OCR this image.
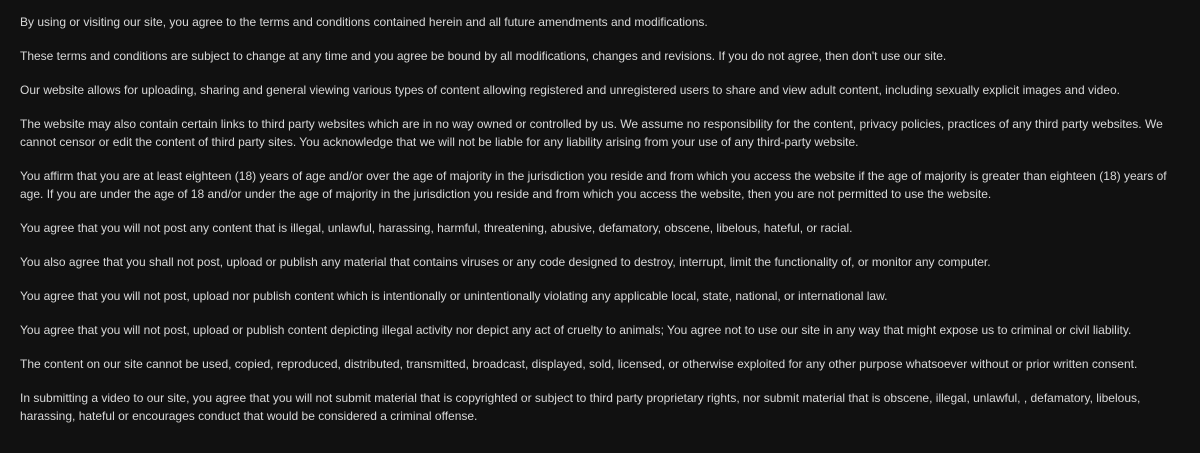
By using or visiting our site, you agree to the terms and conditions contained herein and all future amendments and modifications.

These terms and conditions are subject to change at any time and you agree be bound by all modifications, changes and revisions. If you do not agree, then don't use our site.

Our website allows for uploading, sharing and general viewing various types of content allowing registered and unregistered users to share and view adult content, including sexually explicit images and video.

The website may also contain certain links to third party websites which are in no way owned or controlled by us. We assume no responsibility for the content, privacy policies, practices of any third party websites. We cannot censor or edit the content of third party sites. You acknowledge that we will not be liable for any liability arising from your use of any third-party website.

You affirm that you are at least eighteen (18) years of age and/or over the age of majority in the jurisdiction you reside and from which you access the website if the age of majority is greater than eighteen (18) years of age. If you are under the age of 18 and/or under the age of majority in the jurisdiction you reside and from which you access the website, then you are not permitted to use the website.

You agree that you will not post any content that is illegal, unlawful, harassing, harmful, threatening, abusive, defamatory, obscene, libelous, hateful, or racial.

You also agree that you shall not post, upload or publish any material that contains viruses or any code designed to destroy, interrupt, limit the functionality of, or monitor any computer.

You agree that you will not post, upload nor publish content which is intentionally or unintentionally violating any applicable local, state, national, or international law.

You agree that you will not post, upload or publish content depicting illegal activity nor depict any act of cruelty to animals; You agree not to use our site in any way that might expose us to criminal or civil liability.

The content on our site cannot be used, copied, reproduced, distributed, transmitted, broadcast, displayed, sold, licensed, or otherwise exploited for any other purpose whatsoever without or prior written consent.

In submitting a video to our site, you agree that you will not submit material that is copyrighted or subject to third party proprietary rights, nor submit material that is obscene, illegal, unlawful, , defamatory, libelous, harassing, hateful or encourages conduct that would be considered a criminal offense.
